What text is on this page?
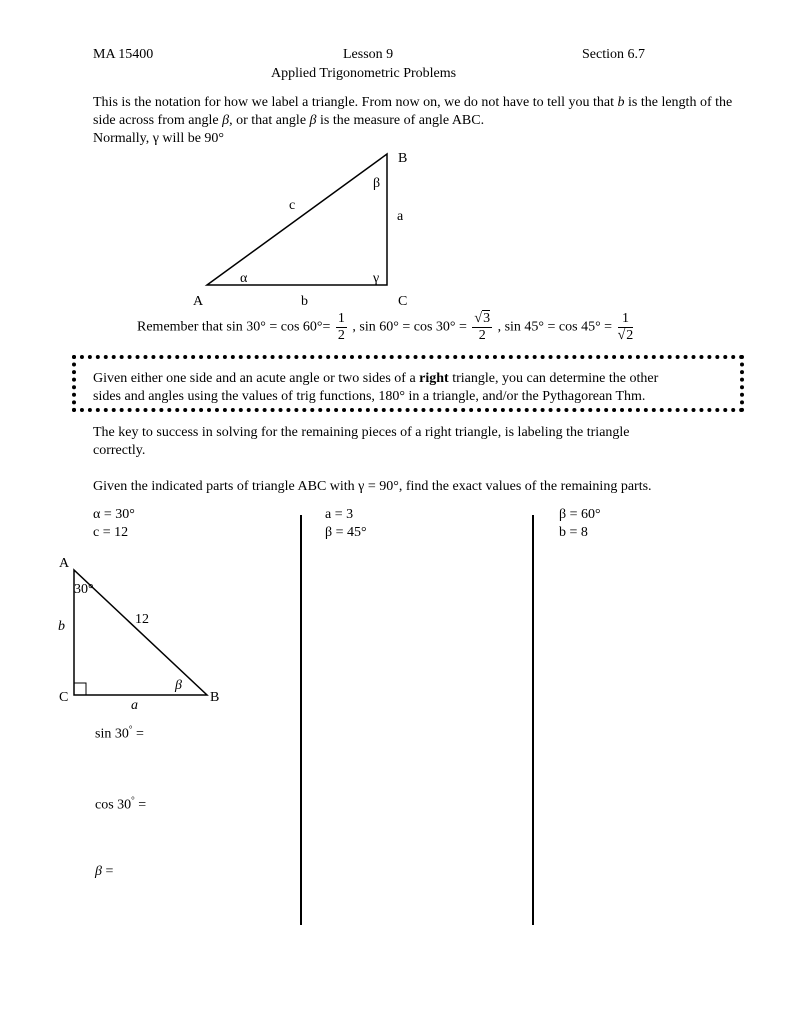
MA 15400	Lesson 9	Section 6.7
Applied Trigonometric Problems
This is the notation for how we label a triangle. From now on, we do not have to tell you that b is the length of the side across from angle β, or that angle β is the measure of angle ABC.
Normally, γ will be 90°
B
β
c
a
α	γ
A	b	C
Remember that $\sin 30^\circ = \cos 60^\circ= \frac{1}{2}$ , $\sin 60^\circ = \cos 30^\circ = \frac{√3}{2}$ , $\sin 45^\circ = \cos 45^\circ = \frac{1}{√2}$
Given either one side and an acute angle or two sides of a right triangle, you can determine the other
sides and angles using the values of trig functions, 180° in a triangle, and/or the Pythagorean Thm.
The key to success in solving for the remaining pieces of a right triangle, is labeling the triangle
correctly.
Given the indicated parts of triangle ABC with γ = 90°, find the exact values of the remaining parts.
α = 30°
c = 12
a = 3
β = 45°
β = 60°
b = 8
A
30°
12
b
β
C	B
a
sin 30° =
cos 30° =
β =
